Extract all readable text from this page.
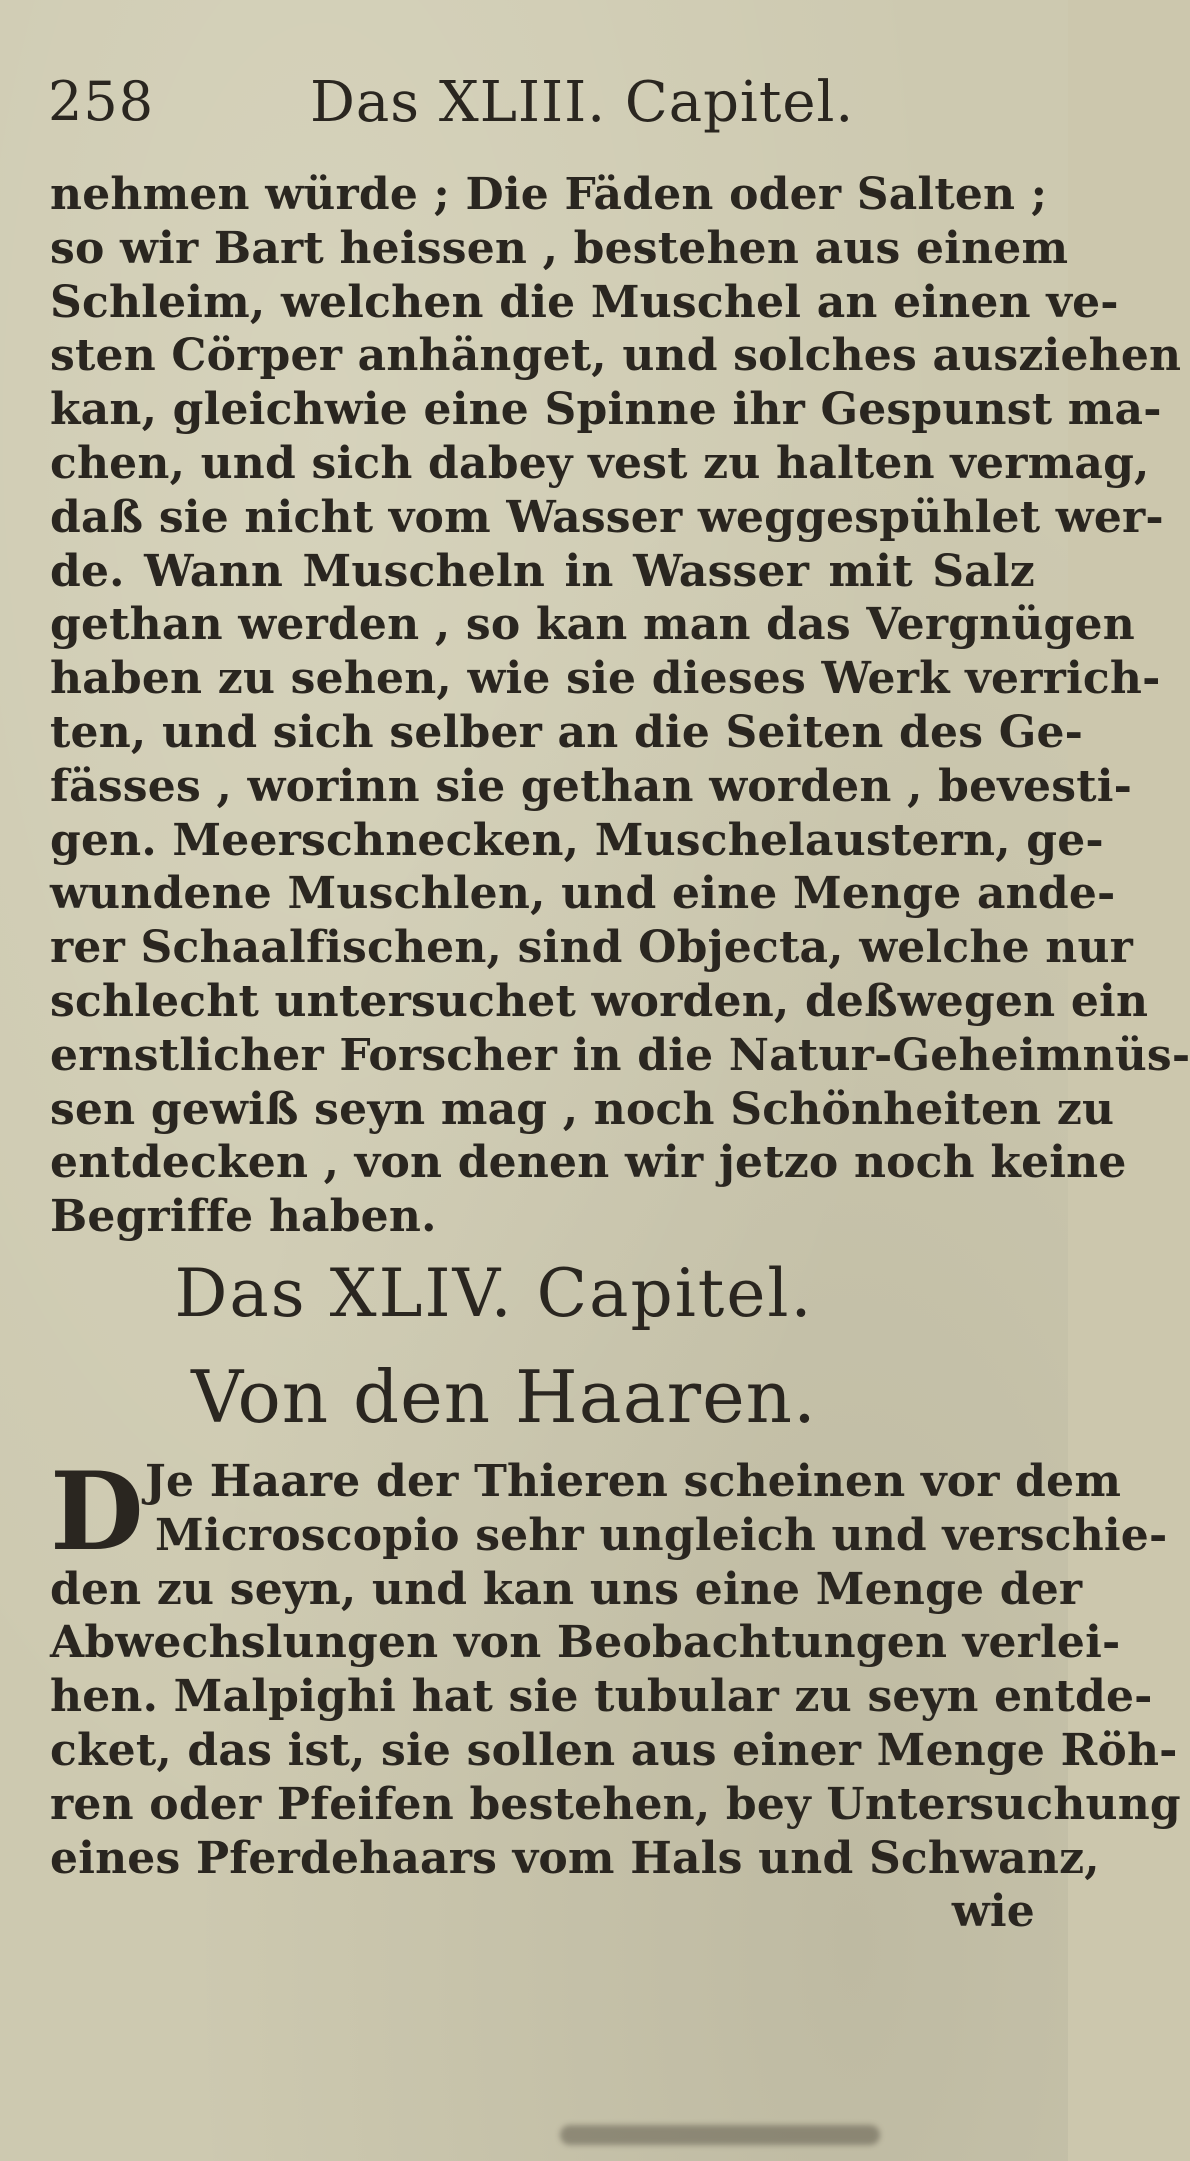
258	Das XLIII. Capitel.
nehmen würde ; Die Fäden oder Salten ;
so wir Bart heissen , bestehen aus einem
Schleim, welchen die Muschel an einen ve-
sten Cörper anhänget, und solches ausziehen
kan, gleichwie eine Spinne ihr Gespunst ma-
chen, und sich dabey vest zu halten vermag,
daß sie nicht vom Wasser weggespühlet wer-
de. Wann Muscheln in Wasser mit Salz
gethan werden , so kan man das Vergnügen
haben zu sehen, wie sie dieses Werk verrich-
ten, und sich selber an die Seiten des Ge-
fässes , worinn sie gethan worden , bevesti-
gen. Meerschnecken, Muschelaustern, ge-
wundene Muschlen, und eine Menge ande-
rer Schaalfischen, sind Objecta, welche nur
schlecht untersuchet worden, deßwegen ein
ernstlicher Forscher in die Natur-Geheimnüs-
sen gewiß seyn mag , noch Schönheiten zu
entdecken , von denen wir jetzo noch keine
Begriffe haben.
Das XLIV. Capitel.
Von den Haaren.
D Je Haare der Thieren scheinen vor dem
Microscopio sehr ungleich und verschie-
den zu seyn, und kan uns eine Menge der
Abwechslungen von Beobachtungen verlei-
hen. Malpighi hat sie tubular zu seyn entde-
cket, das ist, sie sollen aus einer Menge Röh-
ren oder Pfeifen bestehen, bey Untersuchung
eines Pferdehaars vom Hals und Schwanz,
wie
